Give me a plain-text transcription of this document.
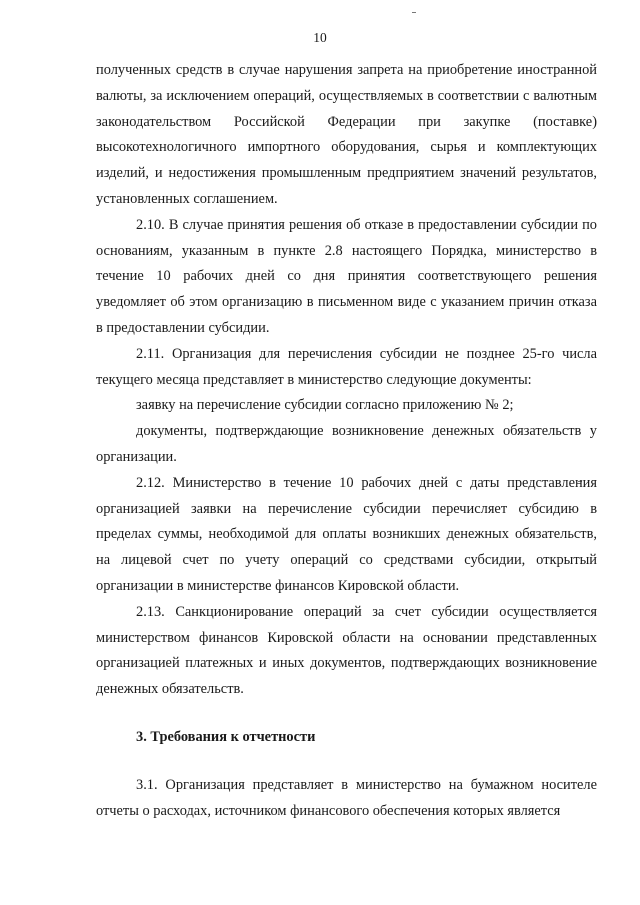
10

полученных средств в случае нарушения запрета на приобретение иностранной валюты, за исключением операций, осуществляемых в соответствии с валютным законодательством Российской Федерации при закупке (поставке) высокотехнологичного импортного оборудования, сырья и комплектующих изделий, и недостижения промышленным предприятием значений результатов, установленных соглашением.

2.10. В случае принятия решения об отказе в предоставлении субсидии по основаниям, указанным в пункте 2.8 настоящего Порядка, министерство в течение 10 рабочих дней со дня принятия соответствующего решения уведомляет об этом организацию в письменном виде с указанием причин отказа в предоставлении субсидии.

2.11. Организация для перечисления субсидии не позднее 25-го числа текущего месяца представляет в министерство следующие документы:

заявку на перечисление субсидии согласно приложению № 2;

документы, подтверждающие возникновение денежных обязательств у организации.

2.12. Министерство в течение 10 рабочих дней с даты представления организацией заявки на перечисление субсидии перечисляет субсидию в пределах суммы, необходимой для оплаты возникших денежных обязательств, на лицевой счет по учету операций со средствами субсидии, открытый организации в министерстве финансов Кировской области.

2.13. Санкционирование операций за счет субсидии осуществляется министерством финансов Кировской области на основании представленных организацией платежных и иных документов, подтверждающих возникновение денежных обязательств.

3. Требования к отчетности

3.1. Организация представляет в министерство на бумажном носителе отчеты о расходах, источником финансового обеспечения которых является
